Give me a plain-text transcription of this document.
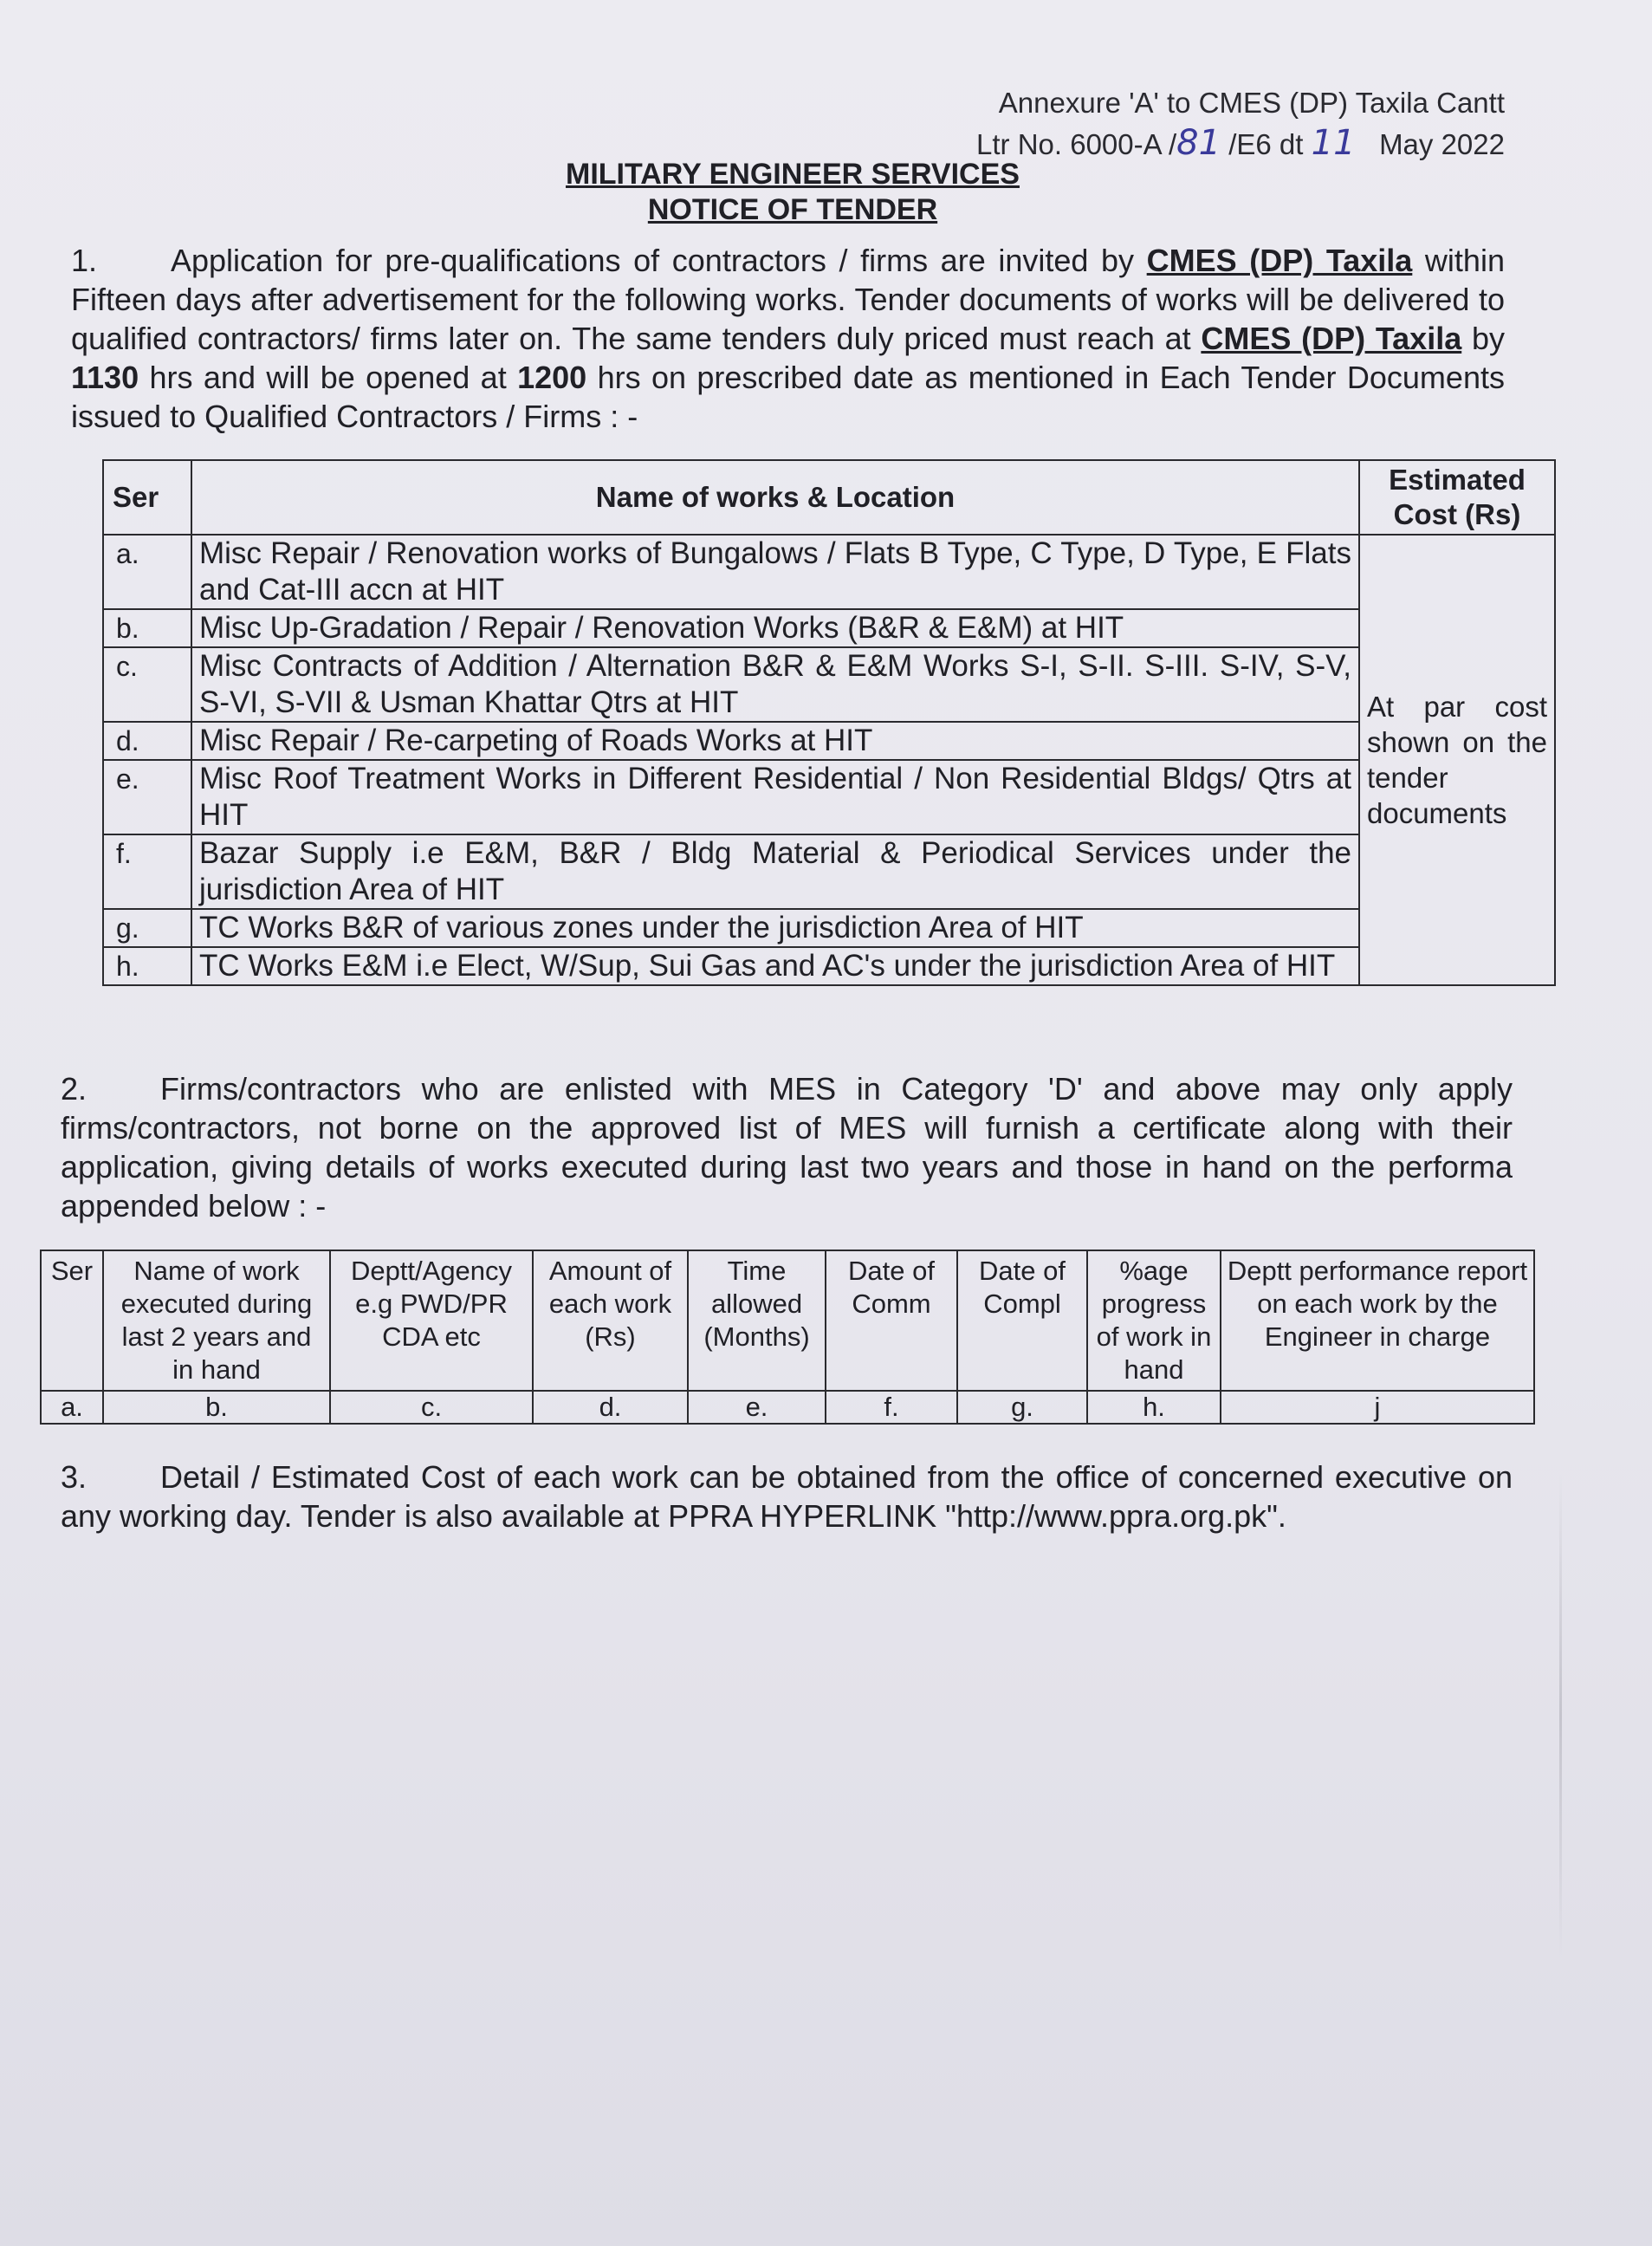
Annexure 'A' to CMES (DP) Taxila Cantt
Ltr No. 6000-A /81 /E6 dt 11 May 2022
MILITARY ENGINEER SERVICES
NOTICE OF TENDER
1. Application for pre-qualifications of contractors / firms are invited by CMES (DP) Taxila within Fifteen days after advertisement for the following works. Tender documents of works will be delivered to qualified contractors/ firms later on. The same tenders duly priced must reach at CMES (DP) Taxila by 1130 hrs and will be opened at 1200 hrs on prescribed date as mentioned in Each Tender Documents issued to Qualified Contractors / Firms : -
Ser	Name of works & Location	Estimated Cost (Rs)
a.	Misc Repair / Renovation works of Bungalows / Flats B Type, C Type, D Type, E Flats and Cat-III accn at HIT	At par cost shown on the tender documents
b.	Misc Up-Gradation / Repair / Renovation Works (B&R & E&M) at HIT	
c.	Misc Contracts of Addition / Alternation B&R & E&M Works S-I, S-II. S-III. S-IV, S-V, S-VI, S-VII & Usman Khattar Qtrs at HIT	
d.	Misc Repair / Re-carpeting of Roads Works at HIT	
e.	Misc Roof Treatment Works in Different Residential / Non Residential Bldgs/ Qtrs at HIT	
f.	Bazar Supply i.e E&M, B&R / Bldg Material & Periodical Services under the jurisdiction Area of HIT	
g.	TC Works B&R of various zones under the jurisdiction Area of HIT	
h.	TC Works E&M i.e Elect, W/Sup, Sui Gas and AC's under the jurisdiction Area of HIT	
2. Firms/contractors who are enlisted with MES in Category 'D' and above may only apply firms/contractors, not borne on the approved list of MES will furnish a certificate along with their application, giving details of works executed during last two years and those in hand on the performa appended below : -
Ser	Name of work executed during last 2 years and in hand	Deptt/Agency e.g PWD/PR CDA etc	Amount of each work (Rs)	Time allowed (Months)	Date of Comm	Date of Compl	%age progress of work in hand	Deptt performance report on each work by the Engineer in charge
a.	b.	c.	d.	e.	f.	g.	h.	j
3. Detail / Estimated Cost of each work can be obtained from the office of concerned executive on any working day. Tender is also available at PPRA HYPERLINK "http://www.ppra.org.pk".
